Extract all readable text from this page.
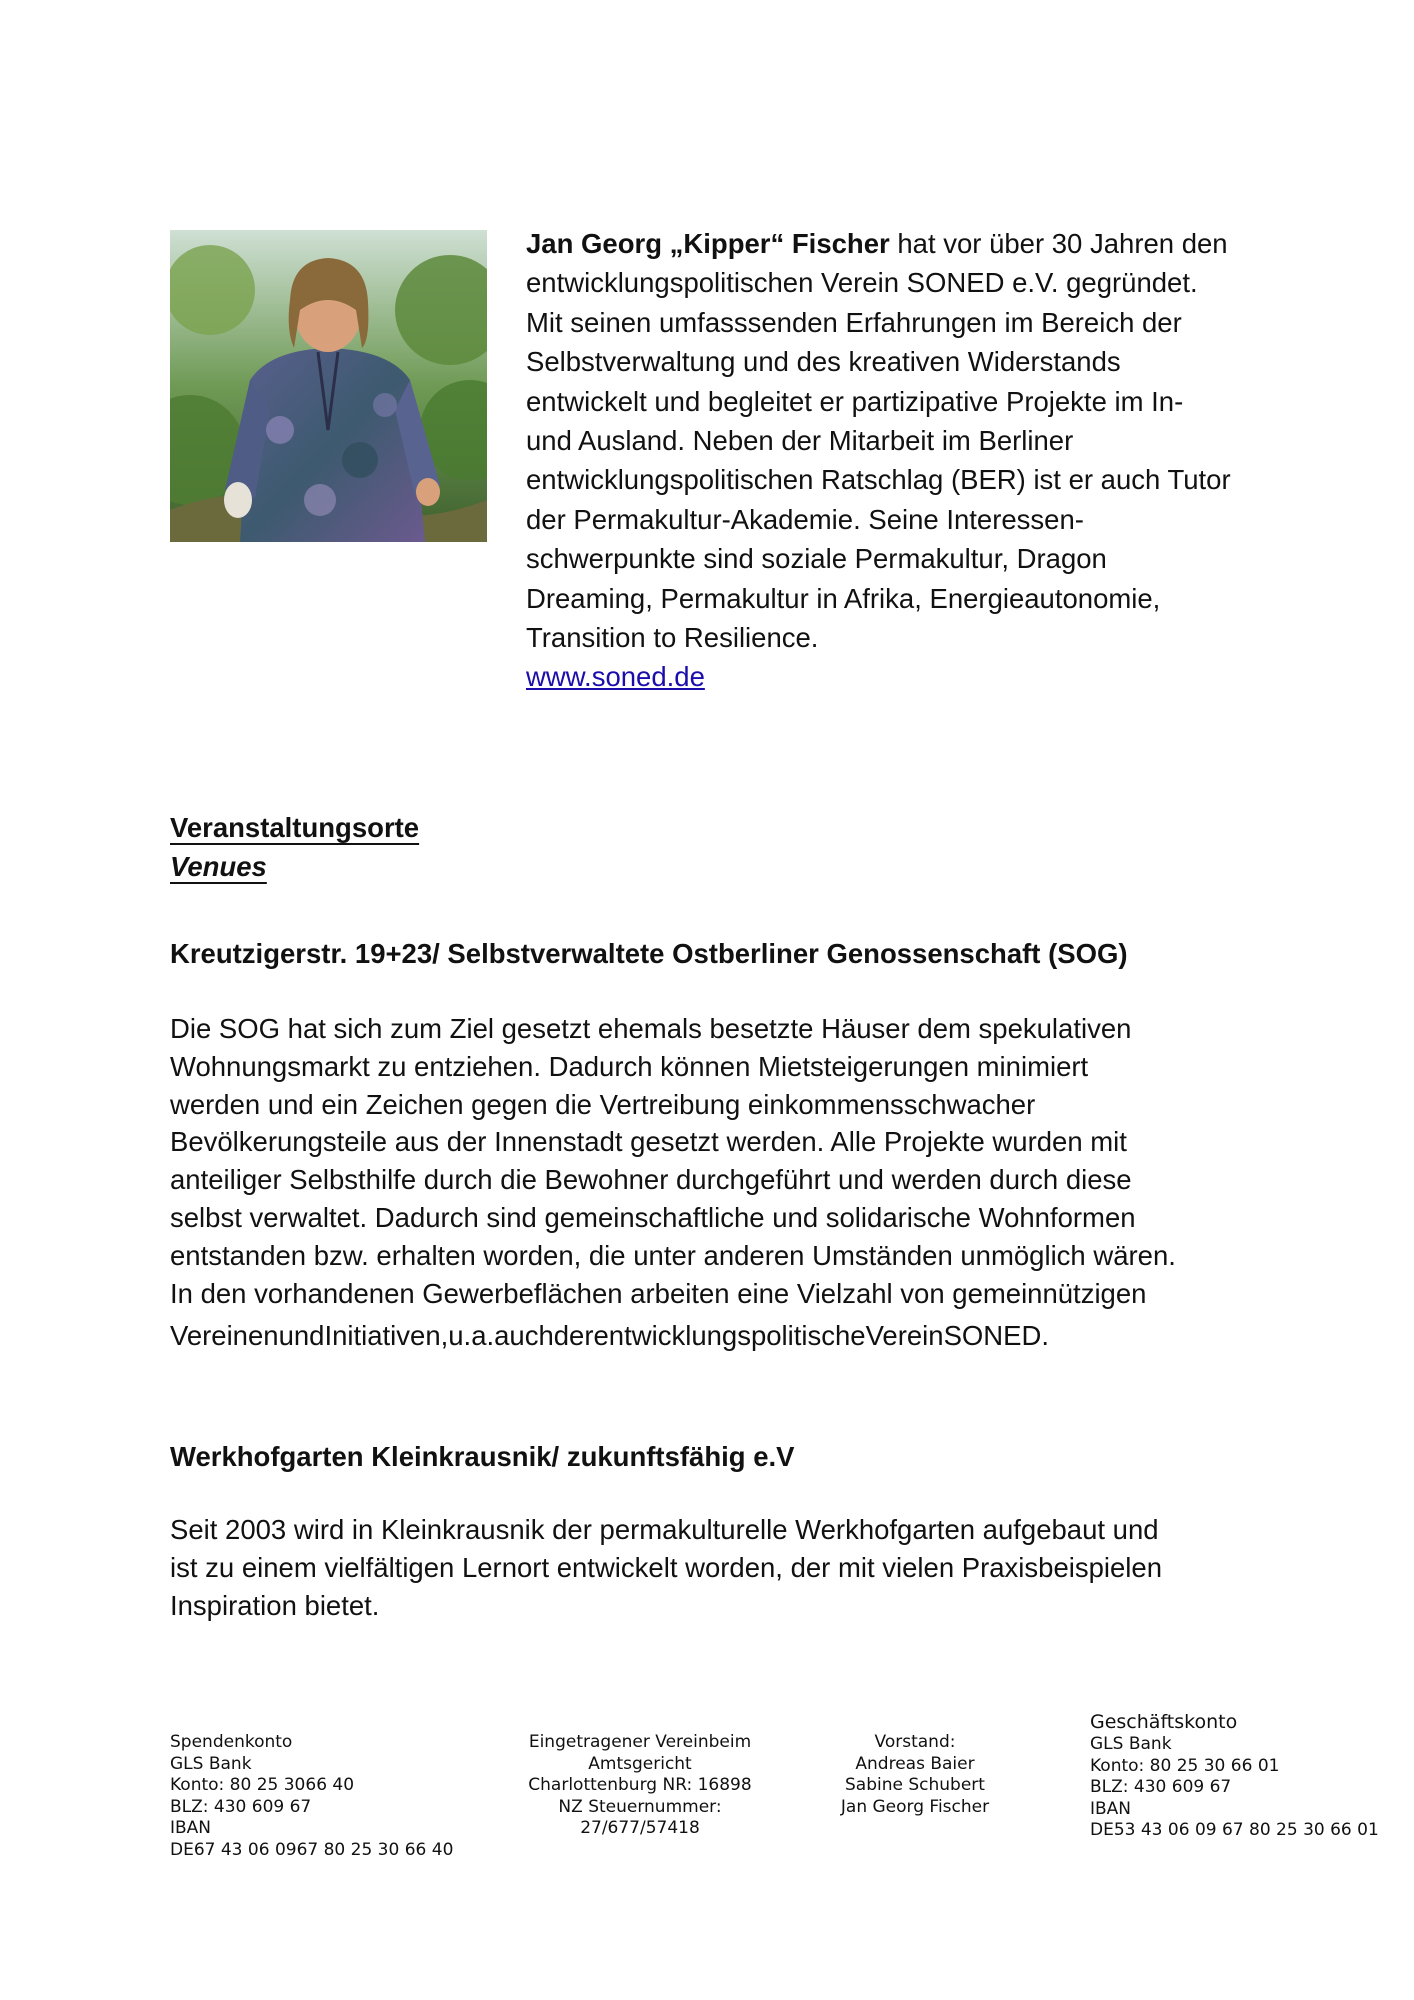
Jan Georg „Kipper“ Fischer hat vor über 30 Jahren den
entwicklungspolitischen Verein SONED e.V. gegründet.
Mit seinen umfasssenden Erfahrungen im Bereich der
Selbstverwaltung und des kreativen Widerstands
entwickelt und begleitet er partizipative Projekte im In-
und Ausland. Neben der Mitarbeit im Berliner
entwicklungspolitischen Ratschlag (BER) ist er auch Tutor
der Permakultur-Akademie. Seine Interessen-
schwerpunkte sind soziale Permakultur, Dragon
Dreaming, Permakultur in Afrika, Energieautonomie,
Transition to Resilience.
www.soned.de
Veranstaltungsorte
Venues
Kreutzigerstr. 19+23/ Selbstverwaltete Ostberliner Genossenschaft (SOG)
Die SOG hat sich zum Ziel gesetzt ehemals besetzte Häuser dem spekulativen
Wohnungsmarkt zu entziehen. Dadurch können Mietsteigerungen minimiert
werden und ein Zeichen gegen die Vertreibung einkommensschwacher
Bevölkerungsteile aus der Innenstadt gesetzt werden. Alle Projekte wurden mit
anteiliger Selbsthilfe durch die Bewohner durchgeführt und werden durch diese
selbst verwaltet. Dadurch sind gemeinschaftliche und solidarische Wohnformen
entstanden bzw. erhalten worden, die unter anderen Umständen unmöglich wären.
In den vorhandenen Gewerbeflächen arbeiten eine Vielzahl von gemeinnützigen
VereinenundInitiativen,u.a.auchderentwicklungspolitischeVereinSONED.
Werkhofgarten Kleinkrausnik/ zukunftsfähig e.V
Seit 2003 wird in Kleinkrausnik der permakulturelle Werkhofgarten aufgebaut und
ist zu einem vielfältigen Lernort entwickelt worden, der mit vielen Praxisbeispielen
Inspiration bietet.
Spendenkonto
GLS Bank
Konto: 80 25 3066 40
BLZ: 430 609 67
IBAN
DE67 43 06 0967 80 25 30 66 40
Eingetragener Vereinbeim
Amtsgericht
Charlottenburg NR: 16898
NZ Steuernummer:
27/677/57418
Vorstand:
Andreas Baier
Sabine Schubert
Jan Georg Fischer
Geschäftskonto
GLS Bank
Konto: 80 25 30 66 01
BLZ: 430 609 67
IBAN
DE53 43 06 09 67 80 25 30 66 01
